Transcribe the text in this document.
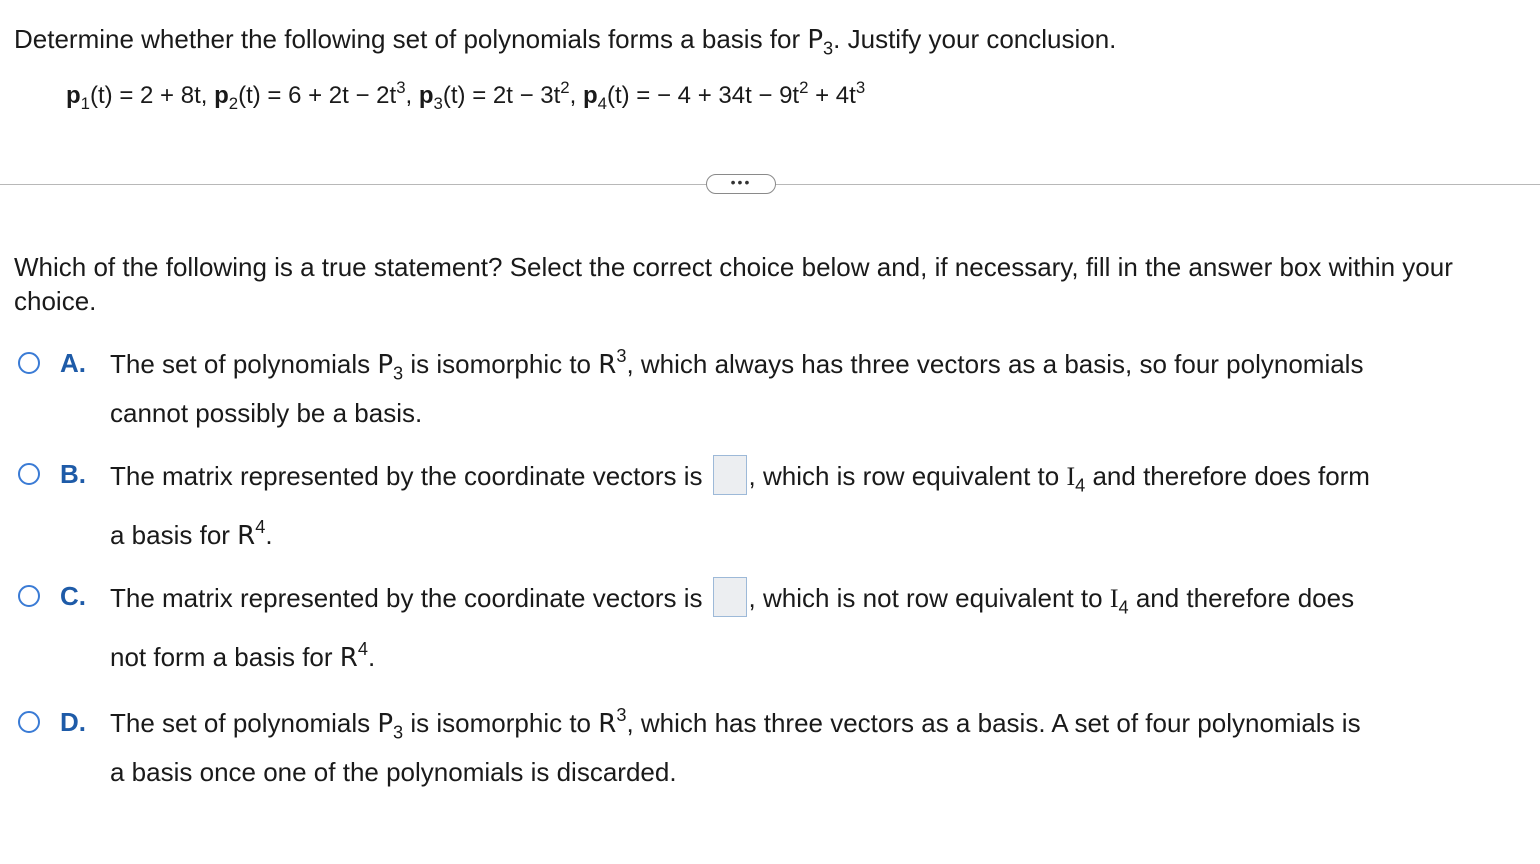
Determine whether the following set of polynomials forms a basis for $P_3$. Justify your conclusion.
$p_1(t) = 2 + 8t$, $p_2(t) = 6 + 2t - 2t^3$, $p_3(t) = 2t - 3t^2$, $p_4(t)$ = − $4 + 34t - 9t^2 + 4t^3$
•••
Which of the following is a true statement? Select the correct choice below and, if necessary, fill in the answer box within your choice.
A. The set of polynomials $P_3$ is isomorphic to $R^3$, which always has three vectors as a basis, so four polynomials
cannot possibly be a basis.
B. The matrix represented by the coordinate vectors is , which is row equivalent to $I_4$ and therefore does form
a basis for $R^4$.
C. The matrix represented by the coordinate vectors is , which is not row equivalent to $I_4$ and therefore does
not form a basis for $R^4$.
D. The set of polynomials $P_3$ is isomorphic to $R^3$, which has three vectors as a basis. A set of four polynomials is
a basis once one of the polynomials is discarded.
